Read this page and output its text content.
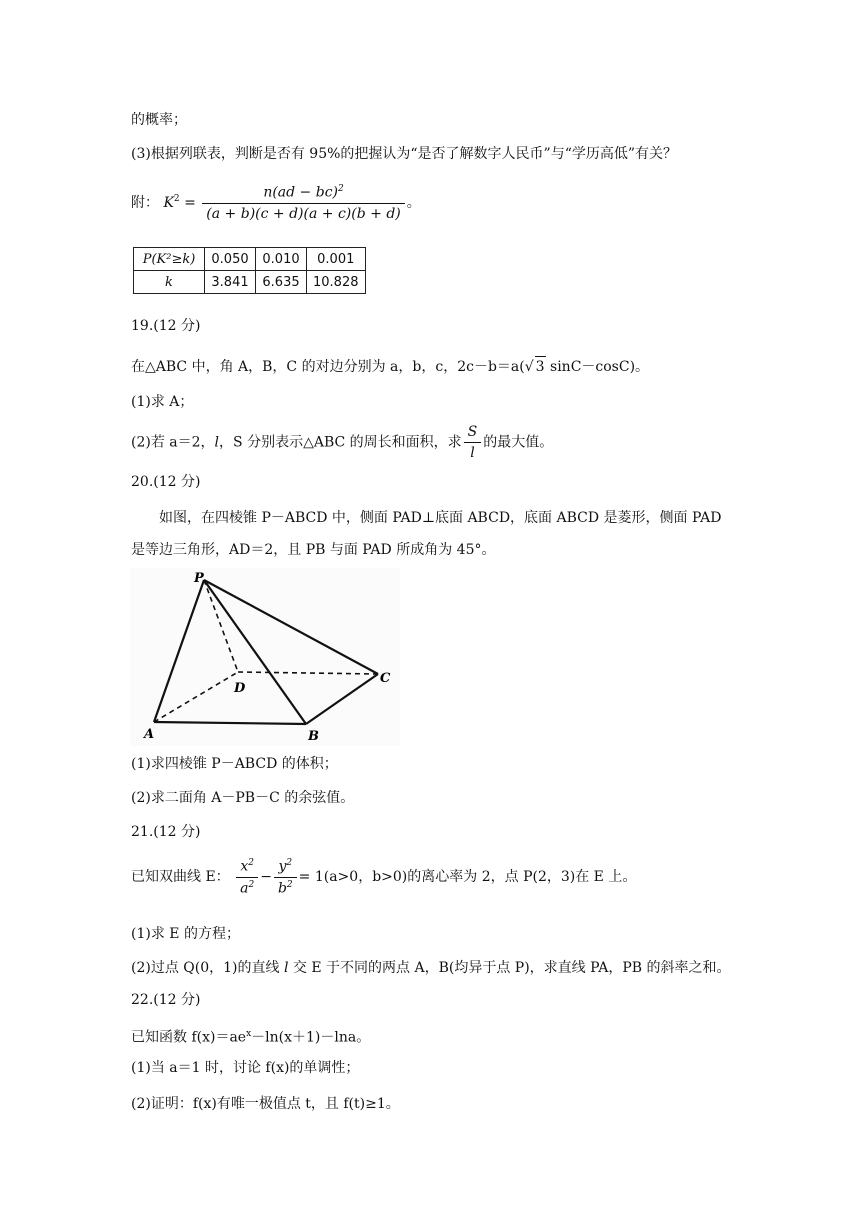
的概率；
(3)根据列联表，判断是否有 95%的把握认为“是否了解数字人民币”与“学历高低”有关？
附： $K^2 = \frac{n(ad - bc)^2}{(a + b)(c + d)(a + c)(b + d)}$ 。
P(K²≥k)	0.050	0.010	0.001
k	3.841	6.635	10.828
19.(12 分)
在△ABC 中，角 A，B，C 的对边分别为 a，b，c，2c－b＝a(√ 3 sinC－cosC)。
(1)求 A；
(2)若 a＝2，l，S 分别表示△ABC 的周长和面积，求 $\frac{S}{l}$ 的最大值。
20.(12 分)
如图，在四棱锥 P－ABCD 中，侧面 PAD⊥底面 ABCD，底面 ABCD 是菱形，侧面 PAD
是等边三角形，AD＝2，且 PB 与面 PAD 所成角为 45°。
P
A	B
C
D
(1)求四棱锥 P－ABCD 的体积；
(2)求二面角 A－PB－C 的余弦值。
21.(12 分)
已知双曲线 E： $\frac{x^2}{a^2} - \frac{y^2}{b^2} = 1(a>0$，b>0)的离心率为 2，点 P(2，3)在 E 上。
(1)求 E 的方程；
(2)过点 Q(0，1)的直线 l 交 E 于不同的两点 A，B(均异于点 P)，求直线 PA，PB 的斜率之和。
22.(12 分)
已知函数 $f(x)=ae^x-\ln(x+1)-\ln a$。
(1)当 a＝1 时，讨论 f(x)的单调性；
(2)证明：f(x)有唯一极值点 t，且 f(t)≥1。
